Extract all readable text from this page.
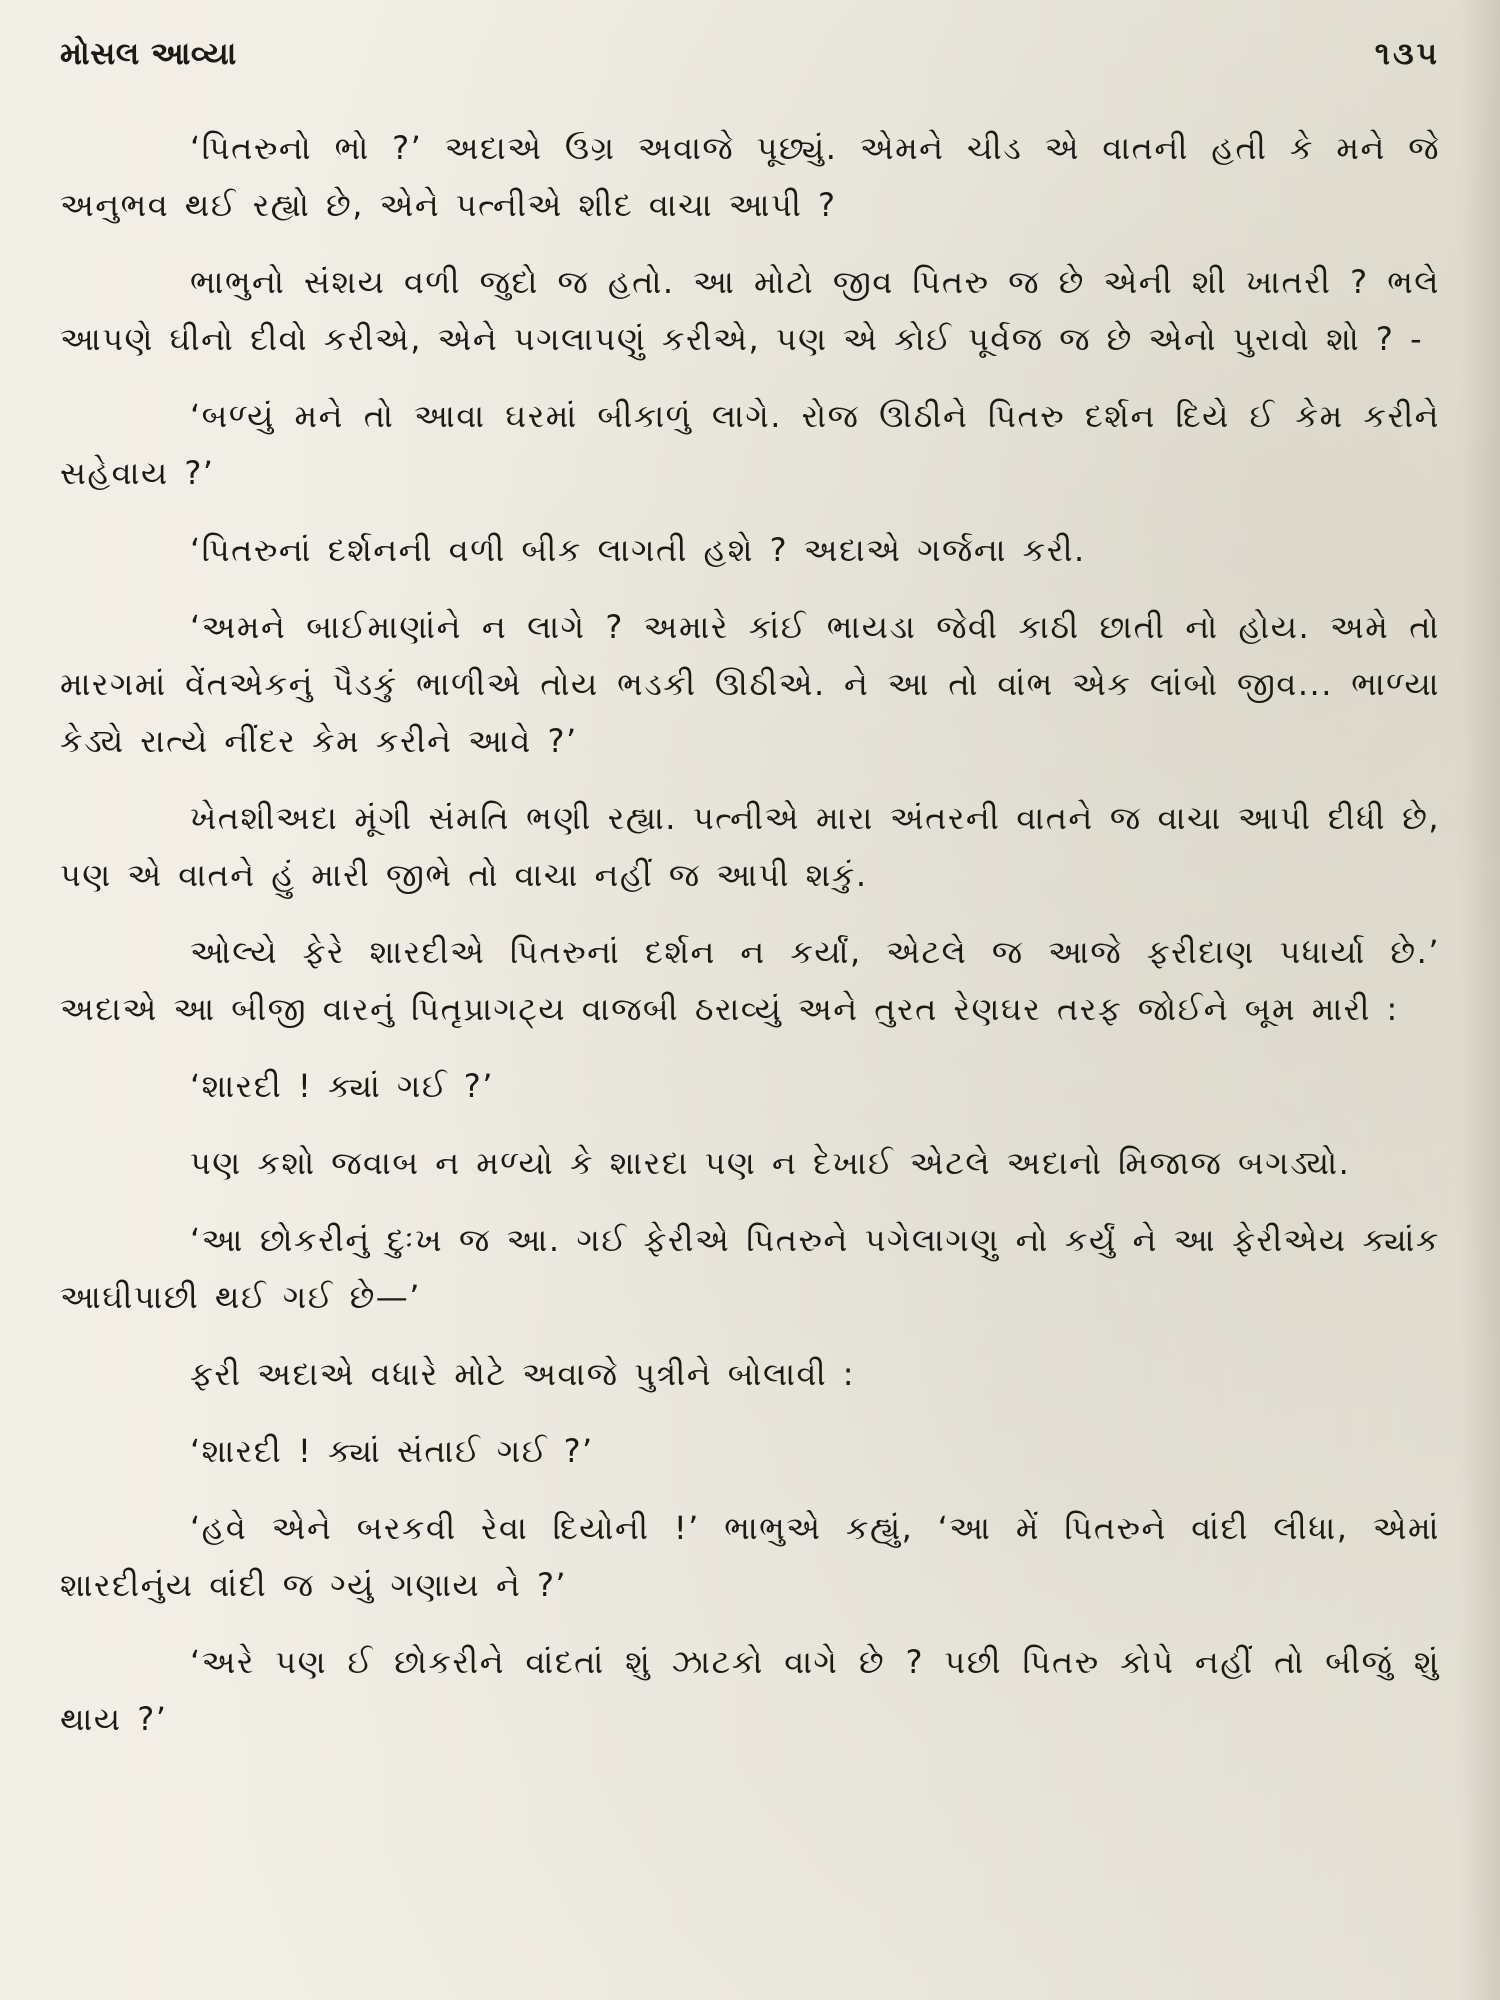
મોસલ આવ્યા	૧૩૫

‘પિતરુનો ભો ?’ અદાએ ઉગ્ર અવાજે પૂછ્યું. એમને ચીડ એ વાતની હતી કે મને જે અનુભવ થઈ રહ્યો છે, એને પત્નીએ શીદ વાચા આપી ?

ભાભુનો સંશય વળી જુદો જ હતો. આ મોટો જીવ પિતરુ જ છે એની શી ખાતરી ? ભલે આપણે ઘીનો દીવો કરીએ, એને પગલાપણું કરીએ, પણ એ કોઈ પૂર્વજ જ છે એનો પુરાવો શો ? -

‘બળ્યું મને તો આવા ઘરમાં બીકાળું લાગે. રોજ ઊઠીને પિતરુ દર્શન દિયે ઈ કેમ કરીને સહેવાય ?’

‘પિતરુનાં દર્શનની વળી બીક લાગતી હશે ? અદાએ ગર્જના કરી.

‘અમને બાઈમાણાંને ન લાગે ? અમારે કાંઈ ભાયડા જેવી કાઠી છાતી નો હોય. અમે તો મારગમાં વેંતએકનું પૈડકું ભાળીએ તોય ભડકી ઊઠીએ. ને આ તો વાંભ એક લાંબો જીવ... ભાળ્યા કેડ્યે રાત્યે નીંદર કેમ કરીને આવે ?’

ખેતશીઅદા મૂંગી સંમતિ ભણી રહ્યા. પત્નીએ મારા અંતરની વાતને જ વાચા આપી દીધી છે, પણ એ વાતને હું મારી જીભે તો વાચા નહીં જ આપી શકું.

ઓલ્યે ફેરે શારદીએ પિતરુનાં દર્શન ન કર્યાં, એટલે જ આજે ફરીદાણ પધાર્યા છે.’ અદાએ આ બીજી વારનું પિતૃપ્રાગટ્ય વાજબી ઠરાવ્યું અને તુરત રેણઘર તરફ જોઈને બૂમ મારી :

‘શારદી ! ક્યાં ગઈ ?’

પણ કશો જવાબ ન મળ્યો કે શારદા પણ ન દેખાઈ એટલે અદાનો મિજાજ બગડ્યો.

‘આ છોકરીનું દુઃખ જ આ. ગઈ ફેરીએ પિતરુને પગેલાગણુ નો કર્યું ને આ ફેરીએય ક્યાંક આઘીપાછી થઈ ગઈ છે—’

ફરી અદાએ વધારે મોટે અવાજે પુત્રીને બોલાવી :

‘શારદી ! ક્યાં સંતાઈ ગઈ ?’

‘હવે એને બરકવી રેવા દિયોની !’ ભાભુએ કહ્યું, ‘આ મેં પિતરુને વાંદી લીધા, એમાં શારદીનુંય વાંદી જ ગ્યું ગણાય ને ?’

‘અરે પણ ઈ છોકરીને વાંદતાં શું ઝાટકો વાગે છે ? પછી પિતરુ કોપે નહીં તો બીજું શું થાય ?’
